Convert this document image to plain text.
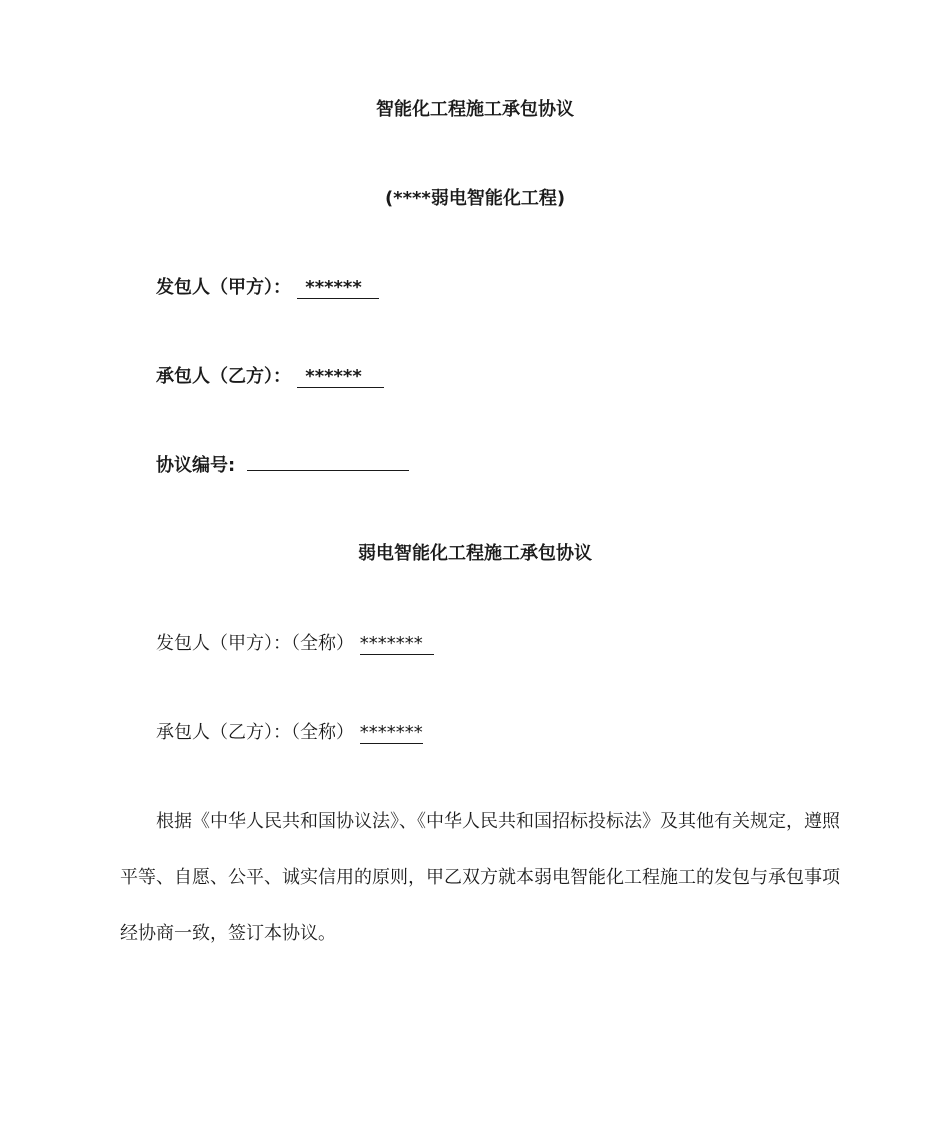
智能化工程施工承包协议
(****弱电智能化工程)
发包人（甲方）： ******
承包人（乙方）： ******
协议编号:
弱电智能化工程施工承包协议
发包人（甲方）：（全称） *******
承包人（乙方）：（全称） *******
根据《中华人民共和国协议法》、《中华人民共和国招标投标法》及其他有关规定，遵照平等、自愿、公平、诚实信用的原则，甲乙双方就本弱电智能化工程施工的发包与承包事项经协商一致，签订本协议。
